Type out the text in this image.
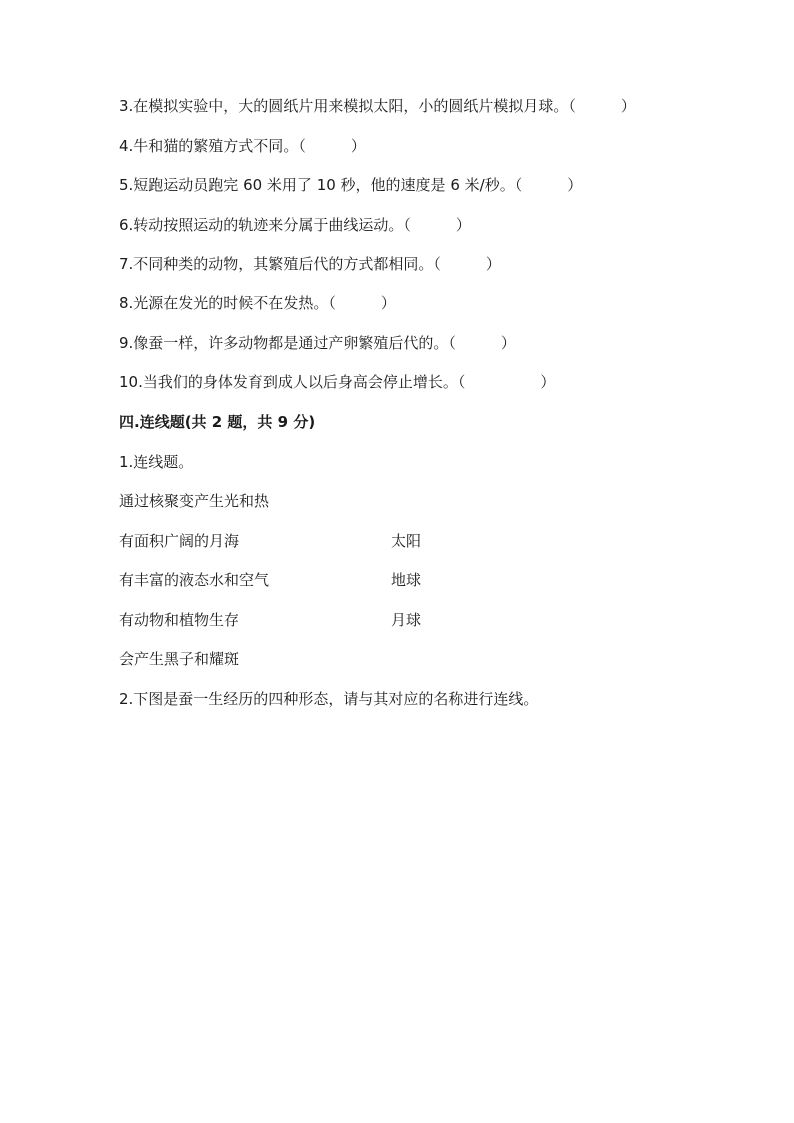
3.在模拟实验中，大的圆纸片用来模拟太阳，小的圆纸片模拟月球。（　　　）
4.牛和猫的繁殖方式不同。（　　　）
5.短跑运动员跑完 60 米用了 10 秒，他的速度是 6 米/秒。（　　　）
6.转动按照运动的轨迹来分属于曲线运动。（　　　）
7.不同种类的动物，其繁殖后代的方式都相同。（　　　）
8.光源在发光的时候不在发热。（　　　）
9.像蚕一样，许多动物都是通过产卵繁殖后代的。（　　　）
10.当我们的身体发育到成人以后身高会停止增长。（　　　　　）
四.连线题(共 2 题，共 9 分)
1.连线题。
通过核聚变产生光和热
有面积广阔的月海	太阳
有丰富的液态水和空气	地球
有动物和植物生存	月球
会产生黑子和耀斑
2.下图是蚕一生经历的四种形态，请与其对应的名称进行连线。
